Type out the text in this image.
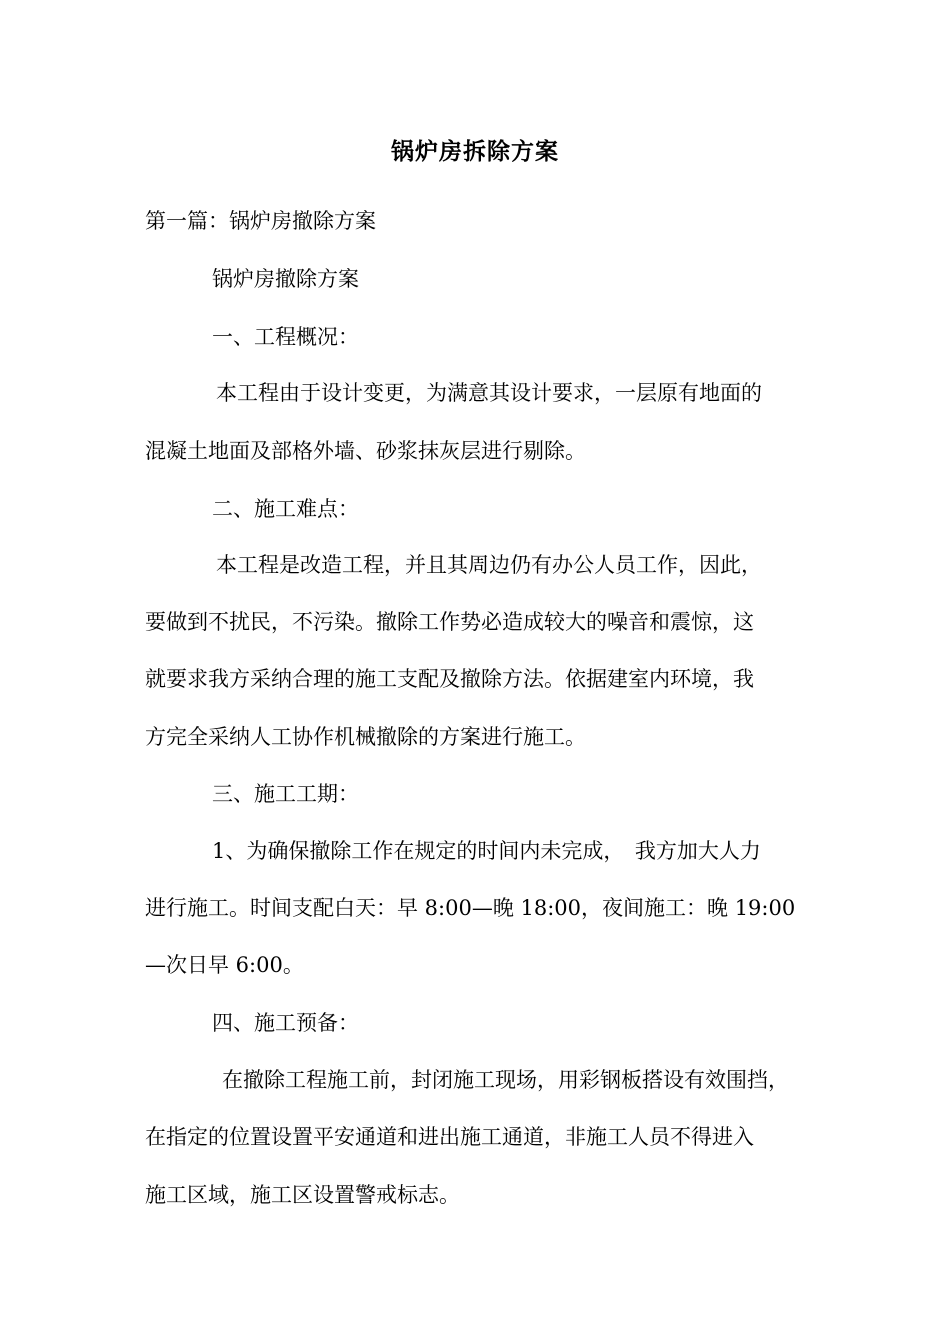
锅炉房拆除方案
第一篇：锅炉房撤除方案
锅炉房撤除方案
一、工程概况：
本工程由于设计变更，为满意其设计要求，一层原有地面的
混凝土地面及部格外墙、砂浆抹灰层进行剔除。
二、施工难点：
本工程是改造工程，并且其周边仍有办公人员工作，因此，
要做到不扰民，不污染。撤除工作势必造成较大的噪音和震惊，这
就要求我方采纳合理的施工支配及撤除方法。依据建室内环境，我
方完全采纳人工协作机械撤除的方案进行施工。
三、施工工期：
1、为确保撤除工作在规定的时间内未完成，　我方加大人力
进行施工。时间支配白天：早 8:00—晚 18:00，夜间施工：晚 19:00
—次日早 6:00。
四、施工预备：
在撤除工程施工前，封闭施工现场，用彩钢板搭设有效围挡，
在指定的位置设置平安通道和进出施工通道，非施工人员不得进入
施工区域，施工区设置警戒标志。
